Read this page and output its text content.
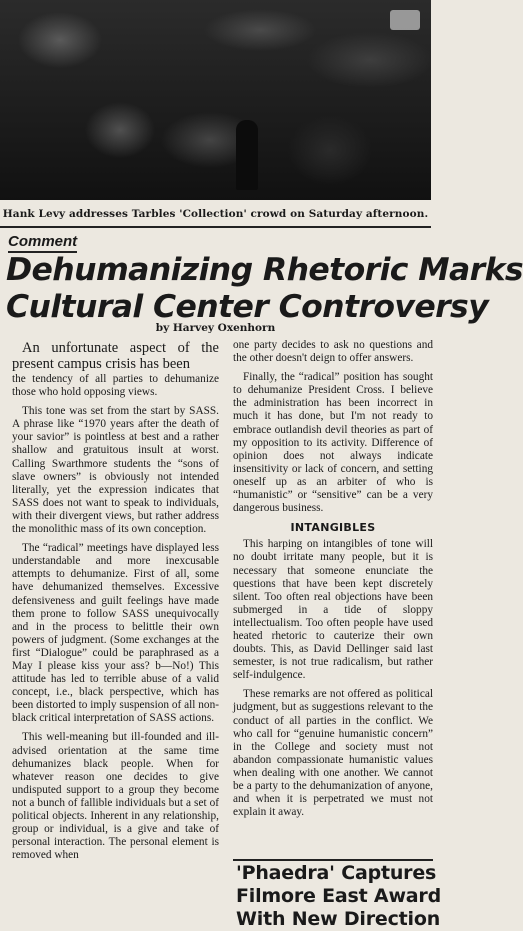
Hank Levy addresses Tarbles 'Collection' crowd on Saturday afternoon.
Comment
Dehumanizing Rhetoric Marks
Cultural Center Controversy
by Harvey Oxenhorn

An unfortunate aspect of the present campus crisis has been

the tendency of all parties to dehumanize those who hold opposing views.

This tone was set from the start by SASS. A phrase like “1970 years after the death of your savior” is pointless at best and a rather shallow and gratuitous insult at worst. Calling Swarthmore students the “sons of slave owners” is obviously not intended literally, yet the expression indicates that SASS does not want to speak to individuals, with their divergent views, but rather address the monolithic mass of its own conception.

The “radical” meetings have displayed less understandable and more inexcusable attempts to dehumanize. First of all, some have dehumanized themselves. Excessive defensiveness and guilt feelings have made them prone to follow SASS unequivocally and in the process to belittle their own powers of judgment. (Some exchanges at the first “Dialogue” could be paraphrased as a May I please kiss your ass? b—No!) This attitude has led to terrible abuse of a valid concept, i.e., black perspective, which has been distorted to imply suspension of all non-black critical interpretation of SASS actions.

This well-meaning but ill-founded and ill-advised orientation at the same time dehumanizes black people. When for whatever reason one decides to give undisputed support to a group they become not a bunch of fallible individuals but a set of political objects. Inherent in any relationship, group or individual, is a give and take of personal interaction. The personal element is removed when

one party decides to ask no questions and the other doesn't deign to offer answers.

Finally, the “radical” position has sought to dehumanize President Cross. I believe the administration has been incorrect in much it has done, but I'm not ready to embrace outlandish devil theories as part of my opposition to its activity. Difference of opinion does not always indicate insensitivity or lack of concern, and setting oneself up as an arbiter of who is “humanistic” or “sensitive” can be a very dangerous business.

INTANGIBLES

This harping on intangibles of tone will no doubt irritate many people, but it is necessary that someone enunciate the questions that have been kept discretely silent. Too often real objections have been submerged in a tide of sloppy intellectualism. Too often people have used heated rhetoric to cauterize their own doubts. This, as David Dellinger said last semester, is not true radicalism, but rather self-indulgence.

These remarks are not offered as political judgment, but as suggestions relevant to the conduct of all parties in the conflict. We who call for “genuine humanistic concern” in the College and society must not abandon compassionate humanistic values when dealing with one another. We cannot be a party to the dehumanization of anyone, and when it is perpetrated we must not explain it away.

'Phaedra' Captures
Filmore East Award
With New Direction
